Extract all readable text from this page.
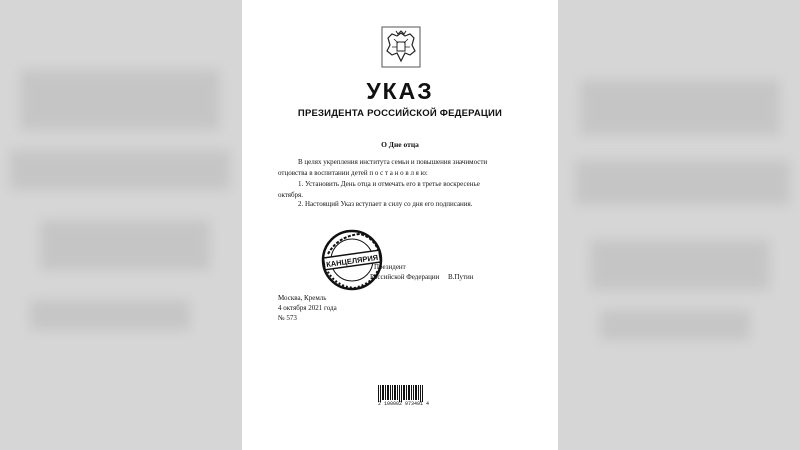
УКАЗ
ПРЕЗИДЕНТА РОССИЙСКОЙ ФЕДЕРАЦИИ
О Дне отца
В целях укрепления института семьи и повышения значимости
отцовства в воспитании детей п о с т а н о в л я ю:
1. Установить День отца и отмечать его в третье воскресенье
октября.
2. Настоящий Указ вступает в силу со дня его подписания.
Президент
Российской Федерации В.Путин
КАНЦЕЛЯРИЯ
Москва, Кремль
4 октября 2021 года
№ 573
2 100002 973491 4
